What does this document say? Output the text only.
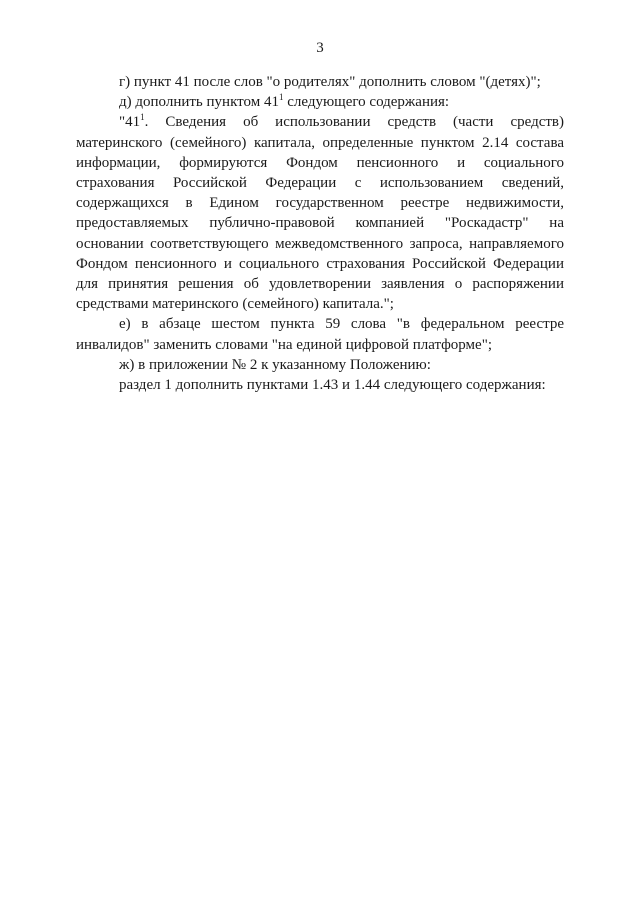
3

г) пункт 41 после слов "о родителях" дополнить словом "(детях)";

д) дополнить пунктом $41^1$ следующего содержания:

"$41^1$. Сведения об использовании средств (части средств) материнского (семейного) капитала, определенные пунктом 2.14 состава информации, формируются Фондом пенсионного и социального страхования Российской Федерации с использованием сведений, содержащихся в Едином государственном реестре недвижимости, предоставляемых публично-правовой компанией "Роскадастр" на основании соответствующего межведомственного запроса, направляемого Фондом пенсионного и социального страхования Российской Федерации для принятия решения об удовлетворении заявления о распоряжении средствами материнского (семейного) капитала.";

е) в абзаце шестом пункта 59 слова "в федеральном реестре инвалидов" заменить словами "на единой цифровой платформе";

ж) в приложении № 2 к указанному Положению:

раздел 1 дополнить пунктами 1.43 и 1.44 следующего содержания:
